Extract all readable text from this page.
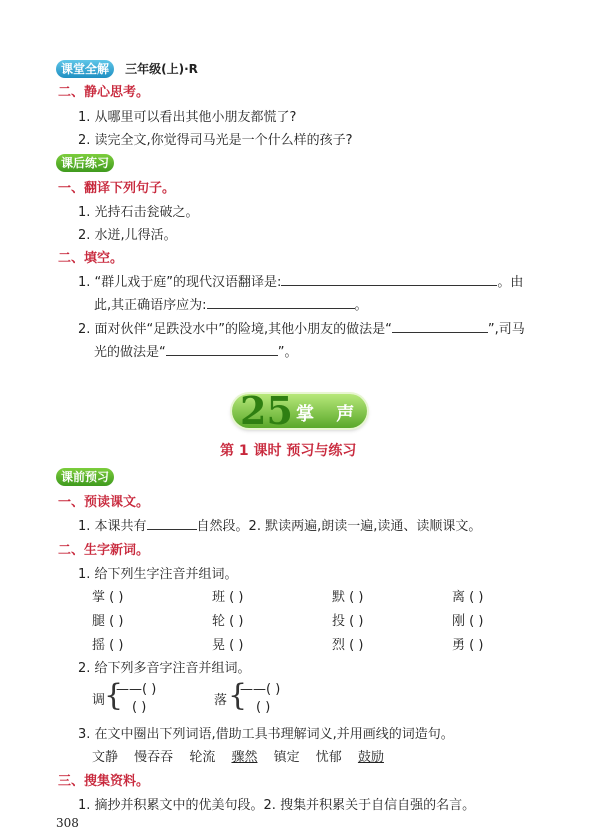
课堂全解 三年级(上)·R
二、静心思考。
1. 从哪里可以看出其他小朋友都慌了?
2. 读完全文,你觉得司马光是一个什么样的孩子?
课后练习
一、翻译下列句子。
1. 光持石击瓮破之。
2. 水迸,儿得活。
二、填空。
1. “群儿戏于庭”的现代汉语翻译是:	。由
此,其正确语序应为:	。
2. 面对伙伴“足跌没水中”的险境,其他小朋友的做法是“	”,司马
光的做法是“	”。
25 掌 声
第 1 课时 预习与练习
课前预习
一、预读课文。
1. 本课共有	自然段。2. 默读两遍,朗读一遍,读通、读顺课文。
二、生字新词。
1. 给下列生字注音并组词。
掌 ( )	班 ( )	默 ( )	离 ( )
腿 ( )	轮 ( )	投 ( )	刚 ( )
摇 ( )	晃 ( )	烈 ( )	勇 ( )
2. 给下列多音字注音并组词。
调
{
——( )
( )	落 {
——( )
( )
3. 在文中圈出下列词语,借助工具书理解词义,并用画线的词造句。
文静 慢吞吞 轮流 骤然 镇定 忧郁 鼓励
三、搜集资料。
1. 摘抄并积累文中的优美句段。2. 搜集并积累关于自信自强的名言。
308
